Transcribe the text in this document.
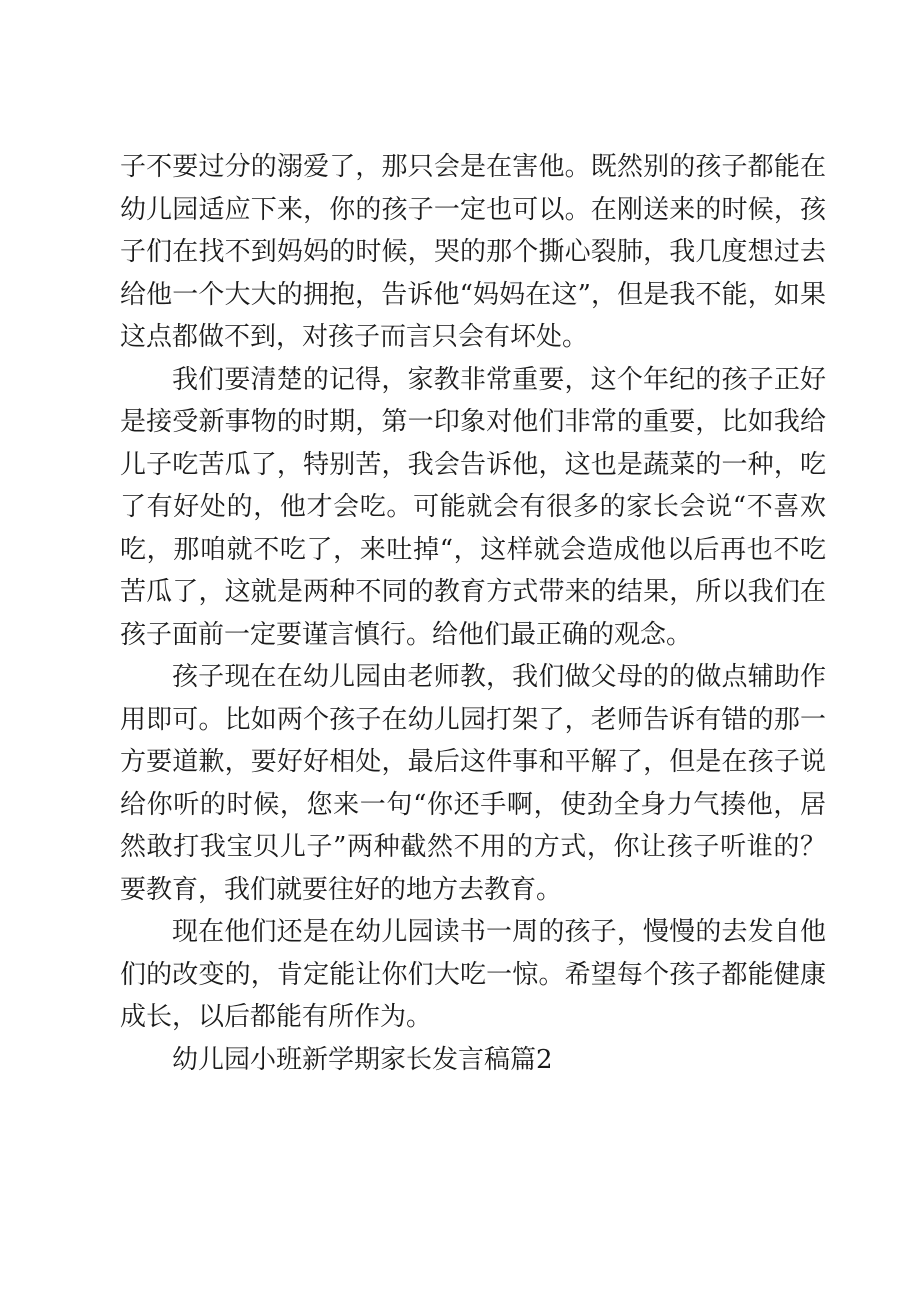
子不要过分的溺爱了，那只会是在害他。既然别的孩子都能在幼儿园适应下来，你的孩子一定也可以。在刚送来的时候，孩子们在找不到妈妈的时候，哭的那个撕心裂肺，我几度想过去给他一个大大的拥抱，告诉他“妈妈在这”，但是我不能，如果这点都做不到，对孩子而言只会有坏处。

我们要清楚的记得，家教非常重要，这个年纪的孩子正好是接受新事物的时期，第一印象对他们非常的重要，比如我给儿子吃苦瓜了，特别苦，我会告诉他，这也是蔬菜的一种，吃了有好处的，他才会吃。可能就会有很多的家长会说“不喜欢吃，那咱就不吃了，来吐掉“，这样就会造成他以后再也不吃苦瓜了，这就是两种不同的教育方式带来的结果，所以我们在孩子面前一定要谨言慎行。给他们最正确的观念。

孩子现在在幼儿园由老师教，我们做父母的的做点辅助作用即可。比如两个孩子在幼儿园打架了，老师告诉有错的那一方要道歉，要好好相处，最后这件事和平解了，但是在孩子说给你听的时候，您来一句“你还手啊，使劲全身力气揍他，居然敢打我宝贝儿子”两种截然不用的方式，你让孩子听谁的？要教育，我们就要往好的地方去教育。

现在他们还是在幼儿园读书一周的孩子，慢慢的去发自他们的改变的，肯定能让你们大吃一惊。希望每个孩子都能健康成长，以后都能有所作为。

幼儿园小班新学期家长发言稿篇2
